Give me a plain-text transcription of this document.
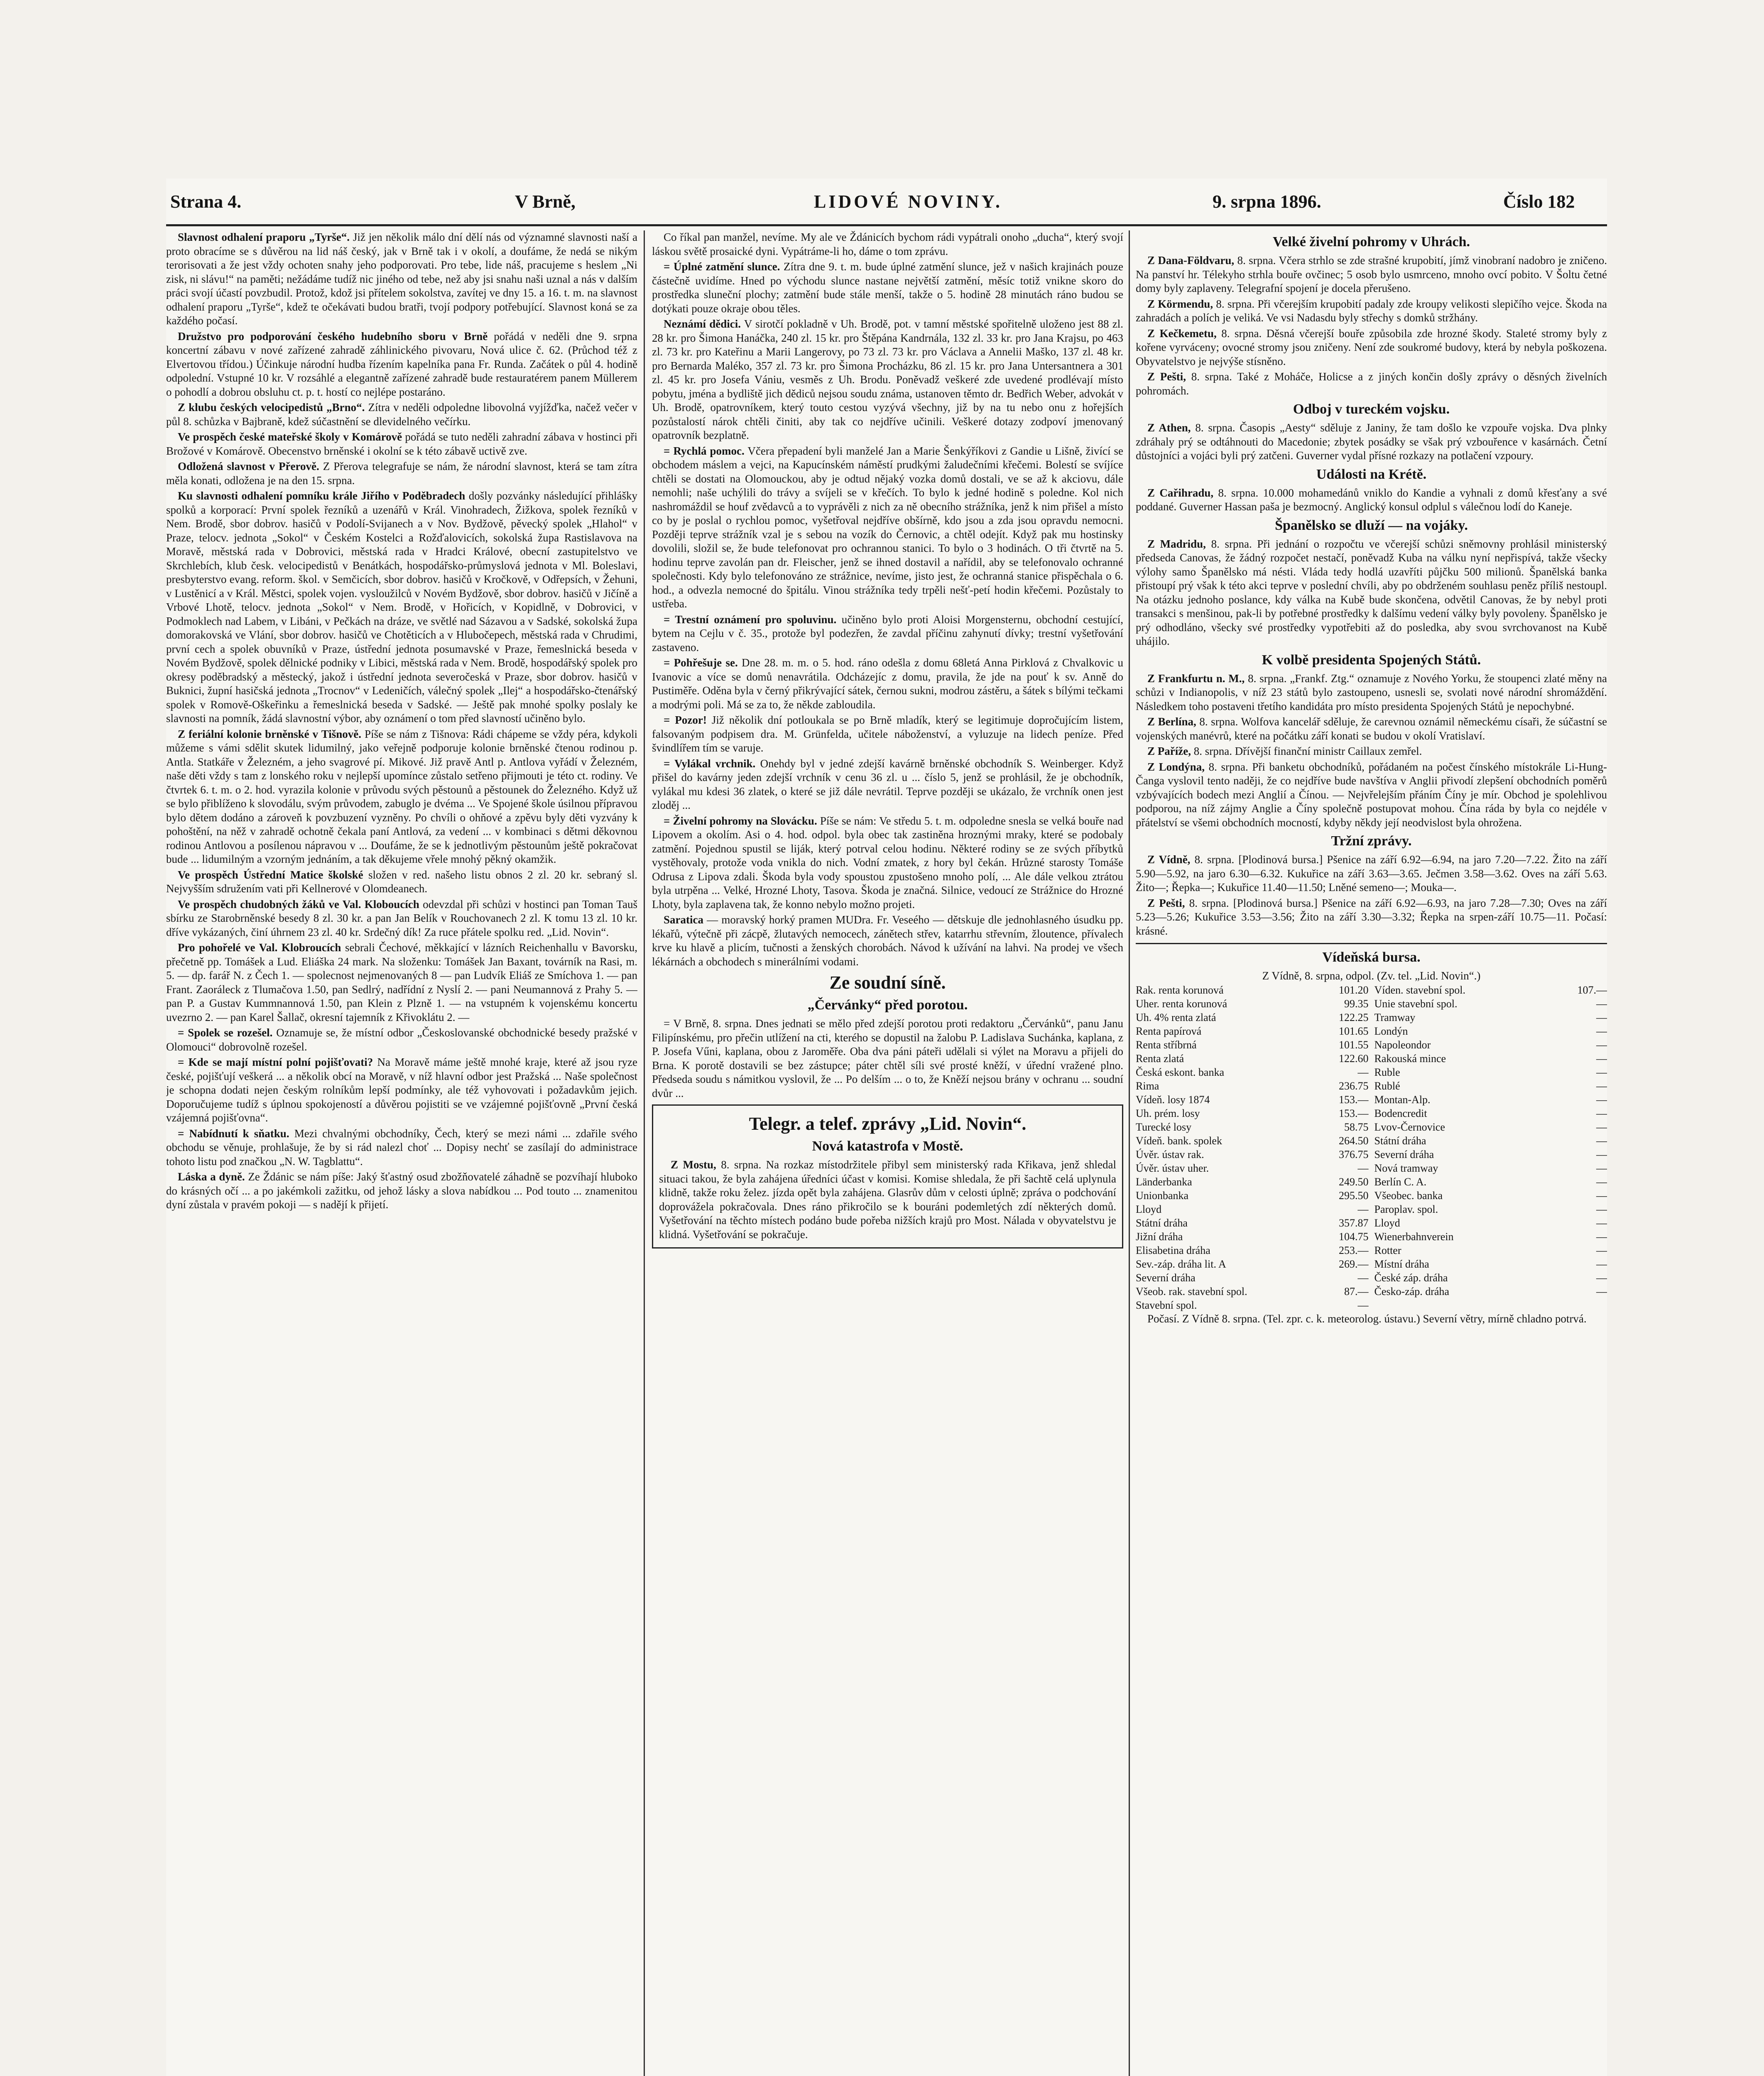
Strana 4.	V Brně,	LIDOVÉ NOVINY.	9. srpna 1896.	Číslo 182

Slavnost odhalení praporu „Tyrše“. Již jen několik málo dní dělí nás od významné slavnosti naší a proto obracíme se s důvěrou na lid náš český, jak v Brně tak i v okolí, a doufáme, že nedá se nikým terorisovati a že jest vždy ochoten snahy jeho podporovati. Pro tebe, lide náš, pracujeme s heslem „Ni zisk, ni slávu!“ na paměti; nežádáme tudíž nic jiného od tebe, než aby jsi snahu naši uznal a nás v dalším práci svojí účastí povzbudil. Protož, kdož jsi přítelem sokolstva, zavítej ve dny 15. a 16. t. m. na slavnost odhalení praporu „Tyrše“, kdež te očekávati budou bratři, tvojí podpory potřebující. Slavnost koná se za každého počasí.

Družstvo pro podporování českého hudebního sboru v Brně pořádá v neděli dne 9. srpna koncertní zábavu v nové zařízené zahradě záhlinického pivovaru, Nová ulice č. 62. (Průchod též z Elvertovou třídou.) Účinkuje národní hudba řízením kapelníka pana Fr. Runda. Začátek o půl 4. hodině odpolední. Vstupné 10 kr. V rozsáhlé a elegantně zařízené zahradě bude restauratérem panem Müllerem o pohodlí a dobrou obsluhu ct. p. t. hostí co nejlépe postaráno.

Z klubu českých velocipedistů „Brno“. Zítra v neděli odpoledne libovolná vyjížďka, načež večer v půl 8. schůzka v Bajbraně, kdež súčastnění se dlevidelného večírku.

Ve prospěch české mateřské školy v Komárově pořádá se tuto neděli zahradní zábava v hostinci při Brožové v Komárově. Obecenstvo brněnské i okolní se k této zábavě uctivě zve.

Odložená slavnost v Přerově. Z Přerova telegrafuje se nám, že národní slavnost, která se tam zítra měla konati, odložena je na den 15. srpna.

Ku slavnosti odhalení pomníku krále Jiřího v Poděbradech došly pozvánky následující přihlášky spolků a korporací: První spolek řezníků a uzenářů v Král. Vinohradech, Žižkova, spolek řezníků v Nem. Brodě, sbor dobrov. hasičů v Podolí-Svijanech a v Nov. Bydžově, pěvecký spolek „Hlahol“ v Praze, telocv. jednota „Sokol“ v Českém Kostelci a Rožďalovicích, sokolská župa Rastislavova na Moravě, městská rada v Dobrovici, městská rada v Hradci Králové, obecní zastupitelstvo ve Skrchlebích, klub česk. velocipedistů v Benátkách, hospodářsko-průmyslová jednota v Ml. Boleslavi, presbyterstvo evang. reform. škol. v Semčicích, sbor dobrov. hasičů v Kročkově, v Odřepsích, v Žehuni, v Lustěnicí a v Král. Městci, spolek vojen. vysloužilců v Novém Bydžově, sbor dobrov. hasičů v Jičíně a Vrbové Lhotě, telocv. jednota „Sokol“ v Nem. Brodě, v Hořicích, v Kopidlně, v Dobrovici, v Podmoklech nad Labem, v Libáni, v Pečkách na dráze, ve světlé nad Sázavou a v Sadské, sokolská župa domorakovská ve Vlání, sbor dobrov. hasičů ve Chotěticích a v Hlubočepech, městská rada v Chrudimi, první cech a spolek obuvníků v Praze, ústřední jednota posumavské v Praze, řemeslnická beseda v Novém Bydžově, spolek dělnické podniky v Libici, městská rada v Nem. Brodě, hospodářský spolek pro okresy poděbradský a městecký, jakož i ústřední jednota severočeská v Praze, sbor dobrov. hasičů v Buknici, župní hasičská jednota „Trocnov“ v Ledeničích, válečný spolek „Ilej“ a hospodářsko-čtenářský spolek v Romově-Oškeřinku a řemeslnická beseda v Sadské. — Ještě pak mnohé spolky poslaly ke slavnosti na pomník, žádá slavnostní výbor, aby oznámení o tom před slavností učiněno bylo.

Z feriální kolonie brněnské v Tišnově. Píše se nám z Tišnova: Rádi chápeme se vždy péra, kdykoli můžeme s vámi sdělit skutek lidumilný, jako veřejně podporuje kolonie brněnské čtenou rodinou p. Antla. Statkáře v Železném, a jeho svagrové pí. Mikové. Již pravě Antl p. Antlova vyřádí v Železném, naše děti vždy s tam z lonského roku v nejlepší upomínce zůstalo setřeno přijmouti je této ct. rodiny. Ve čtvrtek 6. t. m. o 2. hod. vyrazila kolonie v průvodu svých pěstounů a pěstounek do Železného. Když už se bylo přiblíženo k slovodálu, svým průvodem, zabuglo je dvéma ... Ve Spojené škole úsilnou přípravou bylo dětem dodáno a zároveň k povzbuzení vyzněny. Po chvíli o ohňové a zpěvu byly děti vyzvány k pohoštění, na něž v zahradě ochotně čekala paní Antlová, za vedení ... v kombinaci s dětmi děkovnou rodinou Antlovou a posílenou nápravou v ... Doufáme, že se k jednotlivým pěstounům ještě pokračovat bude ... lidumilným a vzorným jednáním, a tak děkujeme vřele mnohý pěkný okamžik.

Ve prospěch Ústřední Matice školské složen v red. našeho listu obnos 2 zl. 20 kr. sebraný sl. Nejvyšším sdružením vati při Kellnerové v Olomdeanech.

Ve prospěch chudobných žáků ve Val. Kloboucích odevzdal při schůzi v hostinci pan Toman Tauš sbírku ze Starobrněnské besedy 8 zl. 30 kr. a pan Jan Belík v Rouchovanech 2 zl. K tomu 13 zl. 10 kr. dříve vykázaných, činí úhrnem 23 zl. 40 kr. Srdečný dík! Za ruce přátele spolku red. „Lid. Novin“.

Pro pohořelé ve Val. Klobroucích sebrali Čechové, měkkající v lázních Reichenhallu v Bavorsku, přečetně pp. Tomášek a Lud. Eliáška 24 mark. Na složenku: Tomášek Jan Baxant, továrník na Rasi, m. 5. — dp. farář N. z Čech 1. — spolecnost nejmenovaných 8 — pan Ludvík Eliáš ze Smíchova 1. — pan Frant. Zaoráleck z Tlumačova 1.50, pan Sedlrý, nadřídní z Nyslí 2. — pani Neumannová z Prahy 5. — pan P. a Gustav Kummnannová 1.50, pan Klein z Plzně 1. — na vstupném k vojenskému koncertu uvezrno 2. — pan Karel Šallač, okresní tajemník z Křivoklátu 2. —

= Spolek se rozešel. Oznamuje se, že místní odbor „Českoslovanské obchodnické besedy pražské v Olomouci“ dobrovolně rozešel.

= Kde se mají místní polní pojišťovati? Na Moravě máme ještě mnohé kraje, které až jsou ryze české, pojišťují veškerá ... a několik obcí na Moravě, v níž hlavní odbor jest Pražská ... Naše společnost je schopna dodati nejen českým rolníkům lepší podmínky, ale též vyhovovati i požadavkům jejich. Doporučujeme tudíž s úplnou spokojeností a důvěrou pojistiti se ve vzájemné pojišťovně „První česká vzájemná pojišťovna“.

= Nabídnutí k sňatku. Mezi chvalnými obchodníky, Čech, který se mezi námi ... zdařile svého obchodu se věnuje, prohlašuje, že by si rád nalezl choť ... Dopisy nechť se zasílají do administrace tohoto listu pod značkou „N. W. Tagblattu“.

Láska a dyně. Ze Ždánic se nám píše: Jaký šťastný osud zbožňovatelé záhadně se pozvíhají hluboko do krásných očí ... a po jakémkoli zažitku, od jehož lásky a slova nabídkou ... Pod touto ... znamenitou dyní zůstala v pravém pokoji — s nadějí k přijetí.

Co říkal pan manžel, nevíme. My ale ve Ždánicích bychom rádi vypátrali onoho „ducha“, který svojí láskou světě prosaické dyni. Vypátráme-li ho, dáme o tom zprávu.

= Úplné zatmění slunce. Zítra dne 9. t. m. bude úplné zatmění slunce, jež v našich krajinách pouze částečně uvidíme. Hned po východu slunce nastane největší zatmění, měsíc totiž vnikne skoro do prostředka sluneční plochy; zatmění bude stále menší, takže o 5. hodině 28 minutách ráno budou se dotýkati pouze okraje obou těles.

Neznámí dědici. V sirotčí pokladně v Uh. Brodě, pot. v tamní městské spořitelně uloženo jest 88 zl. 28 kr. pro Šimona Hanáčka, 240 zl. 15 kr. pro Štěpána Kandrnála, 132 zl. 33 kr. pro Jana Krajsu, po 463 zl. 73 kr. pro Kateřinu a Marii Langerovy, po 73 zl. 73 kr. pro Václava a Annelii Maško, 137 zl. 48 kr. pro Bernarda Maléko, 357 zl. 73 kr. pro Šimona Procházku, 86 zl. 15 kr. pro Jana Untersantnera a 301 zl. 45 kr. pro Josefa Vániu, vesměs z Uh. Brodu. Poněvadž veškeré zde uvedené prodlévají místo pobytu, jména a bydliště jich dědiců nejsou soudu známa, ustanoven těmto dr. Bedřich Weber, advokát v Uh. Brodě, opatrovníkem, který touto cestou vyzývá všechny, již by na tu nebo onu z hořejších pozůstalostí nárok chtěli činiti, aby tak co nejdříve učinili. Veškeré dotazy zodpoví jmenovaný opatrovník bezplatně.

= Rychlá pomoc. Včera přepadení byli manželé Jan a Marie Šenkýříkovi z Gandie u Lišně, živící se obchodem máslem a vejci, na Kapucínském náměstí prudkými žaludečními křečemi. Bolestí se svíjíce chtěli se dostati na Olomouckou, aby je odtud nějaký vozka domů dostali, ve se až k akciovu, dále nemohli; naše uchýlili do trávy a svíjeli se v křečích. To bylo k jedné hodině s poledne. Kol nich nashromáždil se houf zvědavců a to vyprávěli z nich za ně obecního strážníka, jenž k nim přišel a místo co by je poslal o rychlou pomoc, vyšetřoval nejdříve obšírně, kdo jsou a zda jsou opravdu nemocni. Později teprve strážník vzal je s sebou na vozík do Černovic, a chtěl odejít. Když pak mu hostinsky dovolili, složil se, že bude telefonovat pro ochrannou stanici. To bylo o 3 hodinách. O tři čtvrtě na 5. hodinu teprve zavolán pan dr. Fleischer, jenž se ihned dostavil a nařídil, aby se telefonovalo ochranné společnosti. Kdy bylo telefonováno ze strážnice, nevíme, jisto jest, že ochranná stanice přispěchala o 6. hod., a odvezla nemocné do špitálu. Vinou strážníka tedy trpěli nešť-petí hodin křečemi. Pozůstaly to ustřeba.

= Trestní oznámení pro spoluvinu. učiněno bylo proti Aloisi Morgensternu, obchodní cestující, bytem na Cejlu v č. 35., protože byl podezřen, že zavdal příčinu zahynutí dívky; trestní vyšetřování zastaveno.

= Pohřešuje se. Dne 28. m. m. o 5. hod. ráno odešla z domu 68letá Anna Pirklová z Chvalkovic u Ivanovic a více se domů nenavrátila. Odcházejíc z domu, pravila, že jde na pouť k sv. Anně do Pustiměře. Oděna byla v černý přikrývající sátek, černou sukni, modrou zástěru, a šátek s bílými tečkami a modrými poli. Má se za to, že někde zabloudila.

= Pozor! Již několik dní potloukala se po Brně mladík, který se legitimuje dopročujícím listem, falsovaným podpisem dra. M. Grünfelda, učitele náboženství, a vyluzuje na lidech peníze. Před švindlířem tím se varuje.

= Vylákal vrchnik. Onehdy byl v jedné zdejší kavárně brněnské obchodník S. Weinberger. Když přišel do kavárny jeden zdejší vrchník v cenu 36 zl. u ... číslo 5, jenž se prohlásil, že je obchodník, vylákal mu kdesi 36 zlatek, o které se již dále nevrátil. Teprve později se ukázalo, že vrchník onen jest zloděj ...

= Živelní pohromy na Slovácku. Píše se nám: Ve středu 5. t. m. odpoledne snesla se velká bouře nad Lipovem a okolím. Asi o 4. hod. odpol. byla obec tak zastiněna hroznými mraky, které se podobaly zatmění. Pojednou spustil se liják, který potrval celou hodinu. Některé rodiny se ze svých příbytků vystěhovaly, protože voda vnikla do nich. Vodní zmatek, z hory byl čekán. Hrůzné starosty Tomáše Odrusa z Lipova zdali. Škoda byla vody spoustou zpustošeno mnoho polí, ... Ale dále velkou ztrátou byla utrpěna ... Velké, Hrozné Lhoty, Tasova. Škoda je značná. Silnice, vedoucí ze Strážnice do Hrozné Lhoty, byla zaplavena tak, že konno nebylo možno projeti.

Saratica — moravský horký pramen MUDra. Fr. Veseého — dětskuje dle jednohlasného úsudku pp. lékařů, výtečně při zácpě, žlutavých nemocech, zánětech střev, katarrhu střevním, žloutence, přívalech krve ku hlavě a plicím, tučnosti a ženských chorobách. Návod k užívání na lahvi. Na prodej ve všech lékárnách a obchodech s minerálními vodami.

Ze soudní síně.
„Červánky“ před porotou.

= V Brně, 8. srpna. Dnes jednati se mělo před zdejší porotou proti redaktoru „Červánků“, panu Janu Filipínskému, pro přečin utlížení na cti, kterého se dopustil na žalobu P. Ladislava Suchánka, kaplana, z P. Josefa Vűni, kaplana, obou z Jaroměře. Oba dva páni páteři udělali si výlet na Moravu a přijeli do Brna. K porotě dostavili se bez zástupce; páter chtěl síli své prosté kněží, v úřední vražené plno. Předseda soudu s námitkou vyslovil, že ... Po delším ... o to, že Kněží nejsou brány v ochranu ... soudní dvůr ...

Telegr. a telef. zprávy „Lid. Novin“.
Nová katastrofa v Mostě.

Z Mostu, 8. srpna. Na rozkaz místodržitele přibyl sem ministerský rada Křikava, jenž shledal situaci takou, že byla zahájena úředníci účast v komisi. Komise shledala, že při šachtě celá uplynula klidně, takže roku želez. jízda opět byla zahájena. Glasrův dům v celosti úplně; zpráva o podchování doprovážela pokračovala. Dnes ráno přikročilo se k bouráni podemletých zdí některých domů. Vyšetřování na těchto místech podáno bude pořeba nižších krajů pro Most. Nálada v obyvatelstvu je klidná. Vyšetřování se pokračuje.

Velké živelní pohromy v Uhrách.

Z Dana-Földvaru, 8. srpna. Včera strhlo se zde strašné krupobití, jímž vinobraní nadobro je zničeno. Na panství hr. Télekyho strhla bouře ovčinec; 5 osob bylo usmrceno, mnoho ovcí pobito. V Šoltu četné domy byly zaplaveny. Telegrafní spojení je docela přerušeno.

Z Körmendu, 8. srpna. Při včerejším krupobití padaly zde kroupy velikosti slepičího vejce. Škoda na zahradách a polích je veliká. Ve vsi Nadasdu byly střechy s domků stržhány.

Z Kečkemetu, 8. srpna. Děsná včerejší bouře způsobila zde hrozné škody. Staleté stromy byly z kořene vyrváceny; ovocné stromy jsou zničeny. Není zde soukromé budovy, která by nebyla poškozena. Obyvatelstvo je nejvýše stísněno.

Z Pešti, 8. srpna. Také z Moháče, Holicse a z jiných končin došly zprávy o děsných živelních pohromách.

Odboj v tureckém vojsku.

Z Athen, 8. srpna. Časopis „Aesty“ sděluje z Janiny, že tam došlo ke vzpouře vojska. Dva plnky zdráhaly prý se odtáhnouti do Macedonie; zbytek posádky se však prý vzbouřence v kasárnách. Četní důstojníci a vojáci byli prý zatčeni. Guverner vydal přísné rozkazy na potlačení vzpoury.

Události na Krétě.

Z Cařihradu, 8. srpna. 10.000 mohamedánů vniklo do Kandie a vyhnali z domů křesťany a své poddané. Guverner Hassan paša je bezmocný. Anglický konsul odplul s válečnou lodí do Kaneje.

Španělsko se dluží — na vojáky.

Z Madridu, 8. srpna. Při jednání o rozpočtu ve včerejší schůzi sněmovny prohlásil ministerský předseda Canovas, že žádný rozpočet nestačí, poněvadž Kuba na válku nyní nepřispívá, takže všecky výlohy samo Španělsko má nésti. Vláda tedy hodlá uzavříti půjčku 500 milionů. Španělská banka přistoupí prý však k této akci teprve v poslední chvíli, aby po obdrženém souhlasu peněz příliš nestoupl. Na otázku jednoho poslance, kdy válka na Kubě bude skončena, odvětil Canovas, že by nebyl proti transakci s menšinou, pak-li by potřebné prostředky k dalšímu vedení války byly povoleny. Španělsko je prý odhodláno, všecky své prostředky vypotřebiti až do posledka, aby svou svrchovanost na Kubě uhájilo.

K volbě presidenta Spojených Států.

Z Frankfurtu n. M., 8. srpna. „Frankf. Ztg.“ oznamuje z Nového Yorku, že stoupenci zlaté měny na schůzi v Indianopolis, v níž 23 států bylo zastoupeno, usnesli se, svolati nové národní shromáždění. Následkem toho postaveni třetího kandidáta pro místo presidenta Spojených Států je nepochybné.

Z Berlína, 8. srpna. Wolfova kancelář sděluje, že carevnou oznámil německému císaři, že súčastní se vojenských manévrů, které na počátku září konati se budou v okolí Vratislaví.

Z Paříže, 8. srpna. Dřívější finanční ministr Caillaux zemřel.

Z Londýna, 8. srpna. Při banketu obchodníků, pořádaném na počest čínského místokrále Li-Hung-Čanga vyslovil tento naději, že co nejdříve bude navštíva v Anglii přivodí zlepšení obchodních poměrů vzbývajících bodech mezi Anglií a Čínou. — Nejvřelejším přáním Číny je mír. Obchod je spolehlivou podporou, na níž zájmy Anglie a Číny společně postupovat mohou. Čína ráda by byla co nejdéle v přátelství se všemi obchodních mocností, kdyby někdy její neodvislost byla ohrožena.

Tržní zprávy.

Z Vídně, 8. srpna. [Plodinová bursa.] Pšenice na září 6.92—6.94, na jaro 7.20—7.22. Žito na září 5.90—5.92, na jaro 6.30—6.32. Kukuřice na září 3.63—3.65. Ječmen 3.58—3.62. Oves na září 5.63. Žito—; Řepka—; Kukuřice 11.40—11.50; Lněné semeno—; Mouka—.

Z Pešti, 8. srpna. [Plodinová bursa.] Pšenice na září 6.92—6.93, na jaro 7.28—7.30; Oves na září 5.23—5.26; Kukuřice 3.53—3.56; Žito na září 3.30—3.32; Řepka na srpen-září 10.75—11. Počasí: krásné.

Vídeňská bursa.
Z Vídně, 8. srpna, odpol. (Zv. tel. „Lid. Novin“.)
Rak. renta korunová	101.20 Víden. stavební spol.	107.—
Uher. renta korunová	99.35 Unie stavební spol.	—
Uh. 4% renta zlatá	122.25 Tramway	—
Renta papírová	101.65 Londýn	—
Renta stříbrná	101.55 Napoleondor	—
Renta zlatá	122.60 Rakouská mince	—
Česká eskont. banka	— Ruble	—
Rima	236.75 Rublé	—
Vídeň. losy 1874	153.— Montan-Alp.	—
Uh. prém. losy	153.— Bodencredit	—
Turecké losy	58.75 Lvov-Černovice	—
Vídeň. bank. spolek	264.50 Státní dráha	—
Úvěr. ústav rak.	376.75 Severní dráha	—
Úvěr. ústav uher.	— Nová tramway	—
Länderbanka	249.50 Berlín C. A.	—
Unionbanka	295.50 Všeobec. banka	—
Lloyd	— Paroplav. spol.	—
Státní dráha	357.87 Lloyd	—
Jižní dráha	104.75 Wienerbahnverein	—
Elisabetina dráha	253.— Rotter	—
Sev.-záp. dráha lit. A	269.— Místní dráha	—
Severní dráha	— České záp. dráha	—
Všeob. rak. stavební spol.	87.— Česko-záp. dráha	—
Stavební spol.	—

Počasí. Z Vídně 8. srpna. (Tel. zpr. c. k. meteorolog. ústavu.) Severní větry, mírně chladno potrvá.
